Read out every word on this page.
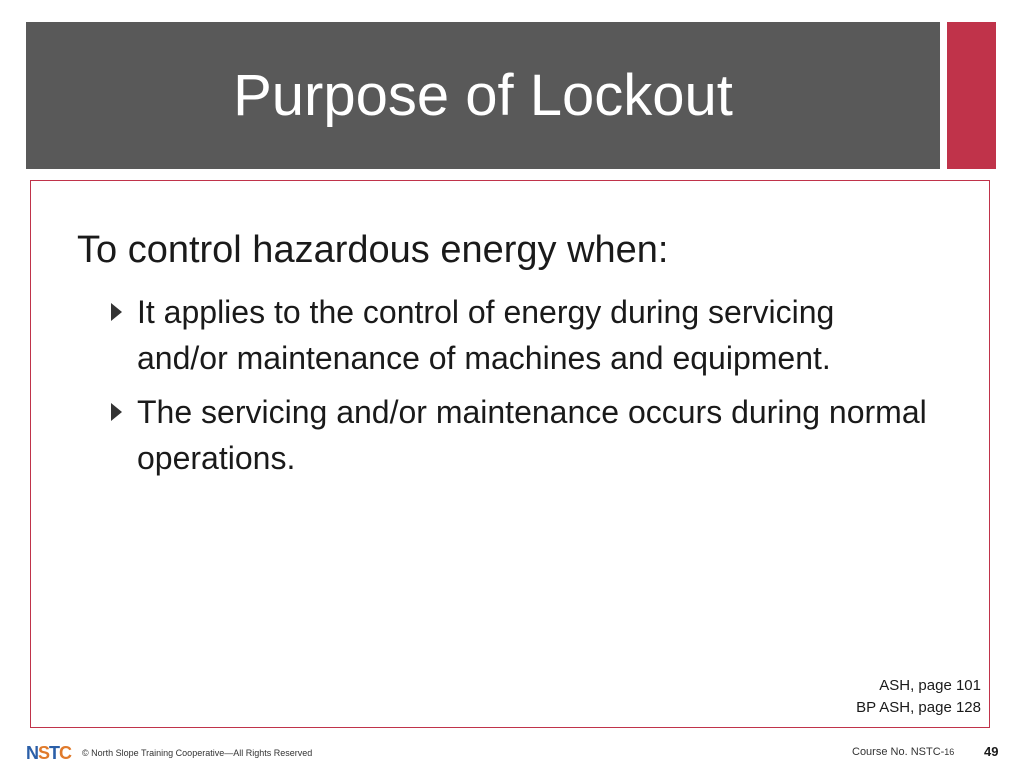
Purpose of Lockout
To control hazardous energy when:
It applies to the control of energy during servicing and/or maintenance of machines and equipment.
The servicing and/or maintenance occurs during normal operations.
ASH, page 101
BP ASH, page 128
NSTC © North Slope Training Cooperative—All Rights Reserved	Course No. NSTC-16 49
